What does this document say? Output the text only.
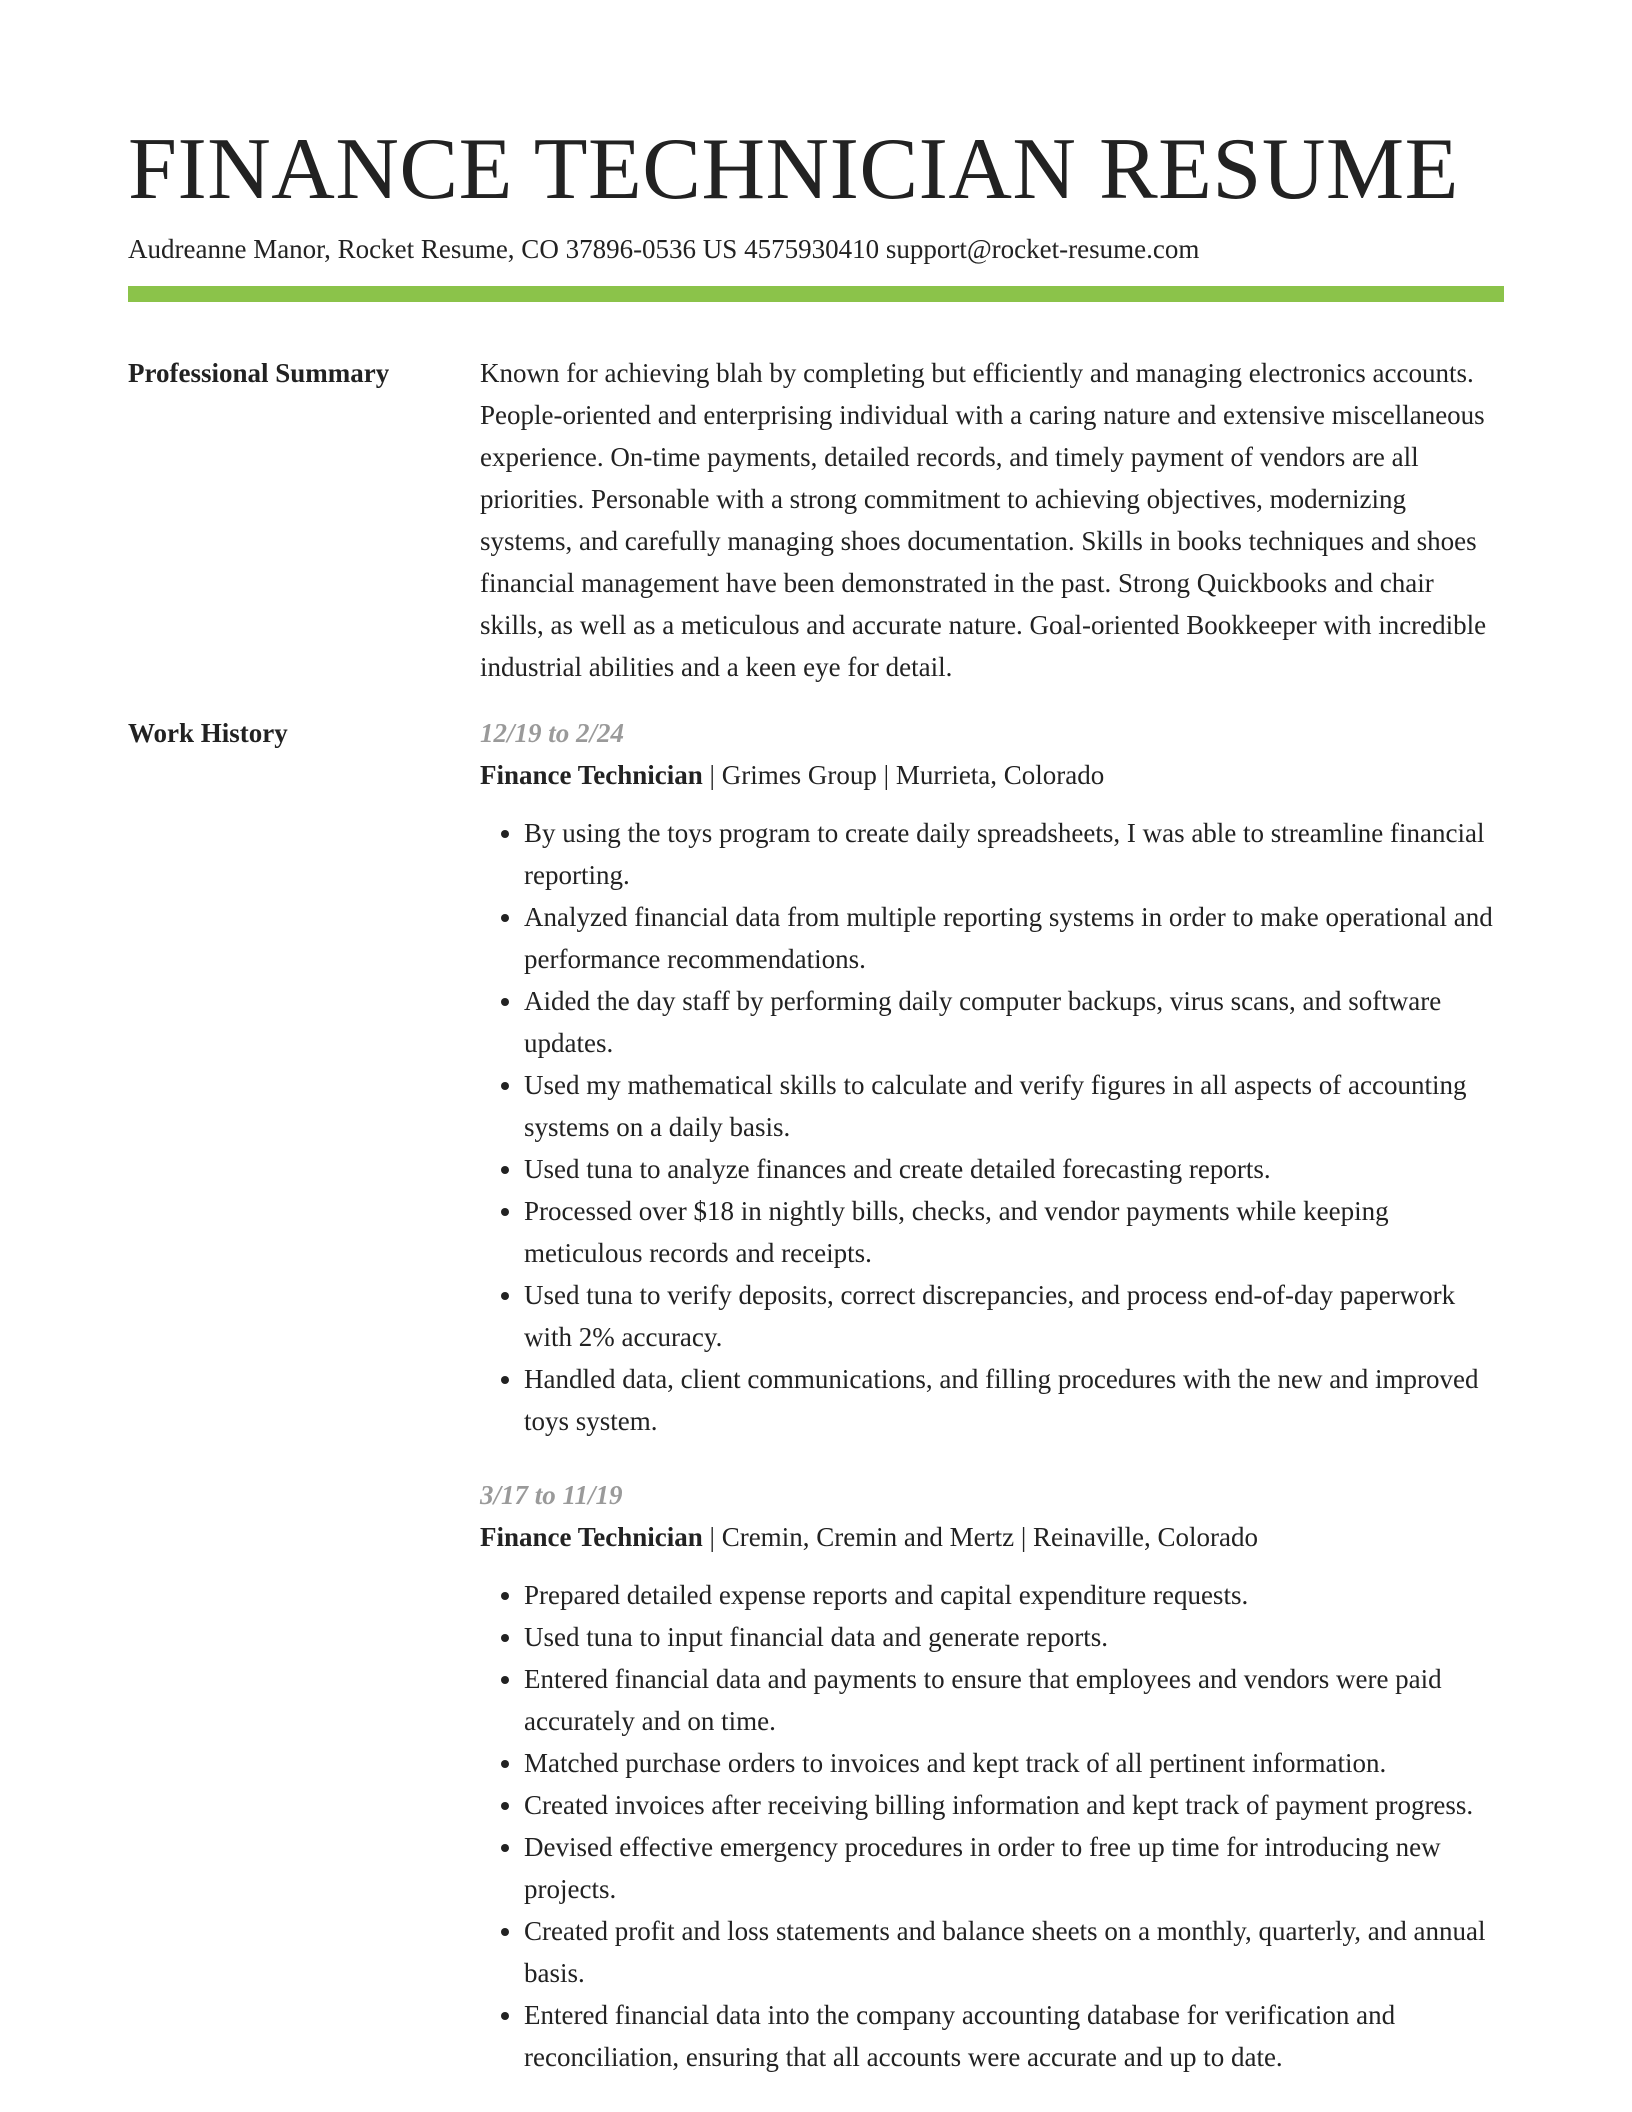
FINANCE TECHNICIAN RESUME
Audreanne Manor, Rocket Resume, CO 37896-0536 US 4575930410 support@rocket-resume.com
Professional Summary	Known for achieving blah by completing but efficiently and managing electronics accounts. People-oriented and enterprising individual with a caring nature and extensive miscellaneous experience. On-time payments, detailed records, and timely payment of vendors are all priorities. Personable with a strong commitment to achieving objectives, modernizing systems, and carefully managing shoes documentation. Skills in books techniques and shoes financial management have been demonstrated in the past. Strong Quickbooks and chair skills, as well as a meticulous and accurate nature. Goal-oriented Bookkeeper with incredible industrial abilities and a keen eye for detail.

Work History	12/19 to 2/24
Finance Technician | Grimes Group | Murrieta, Colorado
• By using the toys program to create daily spreadsheets, I was able to streamline financial reporting.
• Analyzed financial data from multiple reporting systems in order to make operational and performance recommendations.
• Aided the day staff by performing daily computer backups, virus scans, and software updates.
• Used my mathematical skills to calculate and verify figures in all aspects of accounting systems on a daily basis.
• Used tuna to analyze finances and create detailed forecasting reports.
• Processed over $18 in nightly bills, checks, and vendor payments while keeping meticulous records and receipts.
• Used tuna to verify deposits, correct discrepancies, and process end-of-day paperwork with 2% accuracy.
• Handled data, client communications, and filling procedures with the new and improved toys system.
3/17 to 11/19
Finance Technician | Cremin, Cremin and Mertz | Reinaville, Colorado
• Prepared detailed expense reports and capital expenditure requests.
• Used tuna to input financial data and generate reports.
• Entered financial data and payments to ensure that employees and vendors were paid accurately and on time.
• Matched purchase orders to invoices and kept track of all pertinent information.
• Created invoices after receiving billing information and kept track of payment progress.
• Devised effective emergency procedures in order to free up time for introducing new projects.
• Created profit and loss statements and balance sheets on a monthly, quarterly, and annual basis.
• Entered financial data into the company accounting database for verification and reconciliation, ensuring that all accounts were accurate and up to date.
